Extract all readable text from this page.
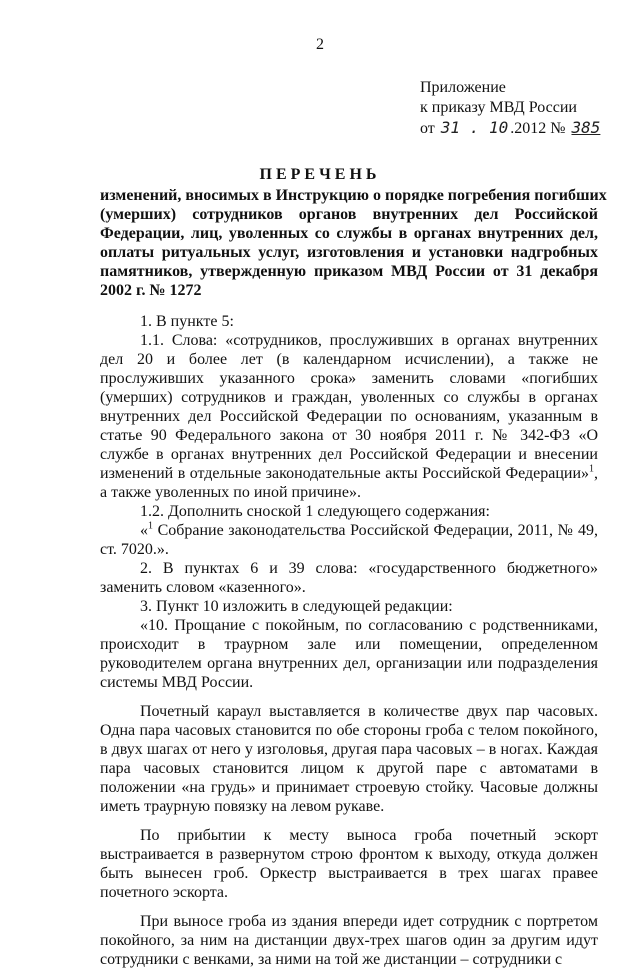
2
Приложение
к приказу МВД России
от 31 . 10 .2012 № 385
ПЕРЕЧЕНЬ
изменений, вносимых в Инструкцию о порядке погребения погибших
(умерших) сотрудников органов внутренних дел Российской
Федерации, лиц, уволенных со службы в органах внутренних дел,
оплаты ритуальных услуг, изготовления и установки надгробных
памятников, утвержденную приказом МВД России от 31 декабря
2002 г. № 1272

1. В пункте 5:

1.1. Слова: «сотрудников, прослуживших в органах внутренних дел 20 и более лет (в календарном исчислении), а также не прослуживших указанного срока» заменить словами «погибших (умерших) сотрудников и граждан, уволенных со службы в органах внутренних дел Российской Федерации по основаниям, указанным в статье 90 Федерального закона от 30 ноября 2011 г. № 342-ФЗ «О службе в органах внутренних дел Российской Федерации и внесении изменений в отдельные законодательные акты Российской Федерации»$^1$, а также уволенных по иной причине».

1.2. Дополнить сноской 1 следующего содержания:

«$^1$ Собрание законодательства Российской Федерации, 2011, № 49, ст. 7020.».

2. В пунктах 6 и 39 слова: «государственного бюджетного» заменить словом «казенного».

3. Пункт 10 изложить в следующей редакции:

«10. Прощание с покойным, по согласованию с родственниками, происходит в траурном зале или помещении, определенном руководителем органа внутренних дел, организации или подразделения системы МВД России.

Почетный караул выставляется в количестве двух пар часовых. Одна пара часовых становится по обе стороны гроба с телом покойного, в двух шагах от него у изголовья, другая пара часовых – в ногах. Каждая пара часовых становится лицом к другой паре с автоматами в положении «на грудь» и принимает строевую стойку. Часовые должны иметь траурную повязку на левом рукаве.

По прибытии к месту выноса гроба почетный эскорт выстраивается в развернутом строю фронтом к выходу, откуда должен быть вынесен гроб. Оркестр выстраивается в трех шагах правее почетного эскорта.

При выносе гроба из здания впереди идет сотрудник с портретом покойного, за ним на дистанции двух-трех шагов один за другим идут сотрудники с венками, за ними на той же дистанции – сотрудники с
